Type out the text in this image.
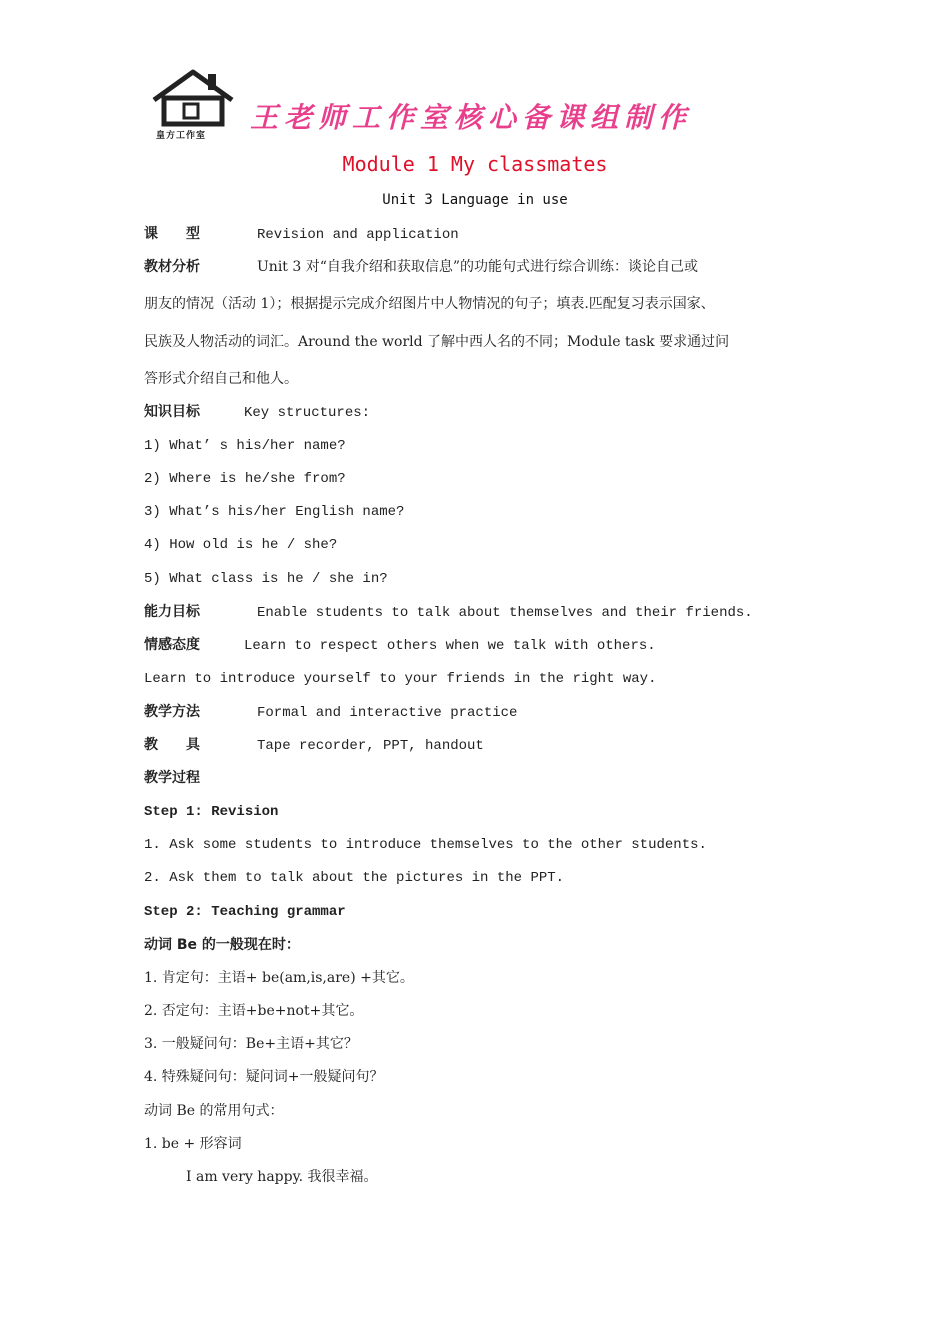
皇方工作室
王老师工作室核心备课组制作
Module 1 My classmates
Unit 3 Language in use
课　　型	Revision and application
教材分析	Unit 3 对“自我介绍和获取信息”的功能句式进行综合训练：谈论自己或
朋友的情况（活动 1）；根据提示完成介绍图片中人物情况的句子；填表.匹配复习表示国家、
民族及人物活动的词汇。Around the world 了解中西人名的不同；Module task 要求通过问
答形式介绍自己和他人。
知识目标	Key structures:
1) What’ s his/her name?
2) Where is he/she from?
3) What’s his/her English name?
4) How old is he / she?
5) What class is he / she in?
能力目标	Enable students to talk about themselves and their friends.
情感态度	Learn to respect others when we talk with others.
Learn to introduce yourself to your friends in the right way.
教学方法	Formal and interactive practice
教　　具	Tape recorder, PPT, handout
教学过程
Step 1: Revision
1. Ask some students to introduce themselves to the other students.
2. Ask them to talk about the pictures in the PPT.
Step 2: Teaching grammar
动词 Be 的一般现在时：
1. 肯定句：主语+ be(am,is,are) +其它。
2. 否定句：主语+be+not+其它。
3. 一般疑问句：Be+主语+其它？
4. 特殊疑问句：疑问词+一般疑问句？
动词 Be 的常用句式：
1. be + 形容词
I am very happy. 我很幸福。
